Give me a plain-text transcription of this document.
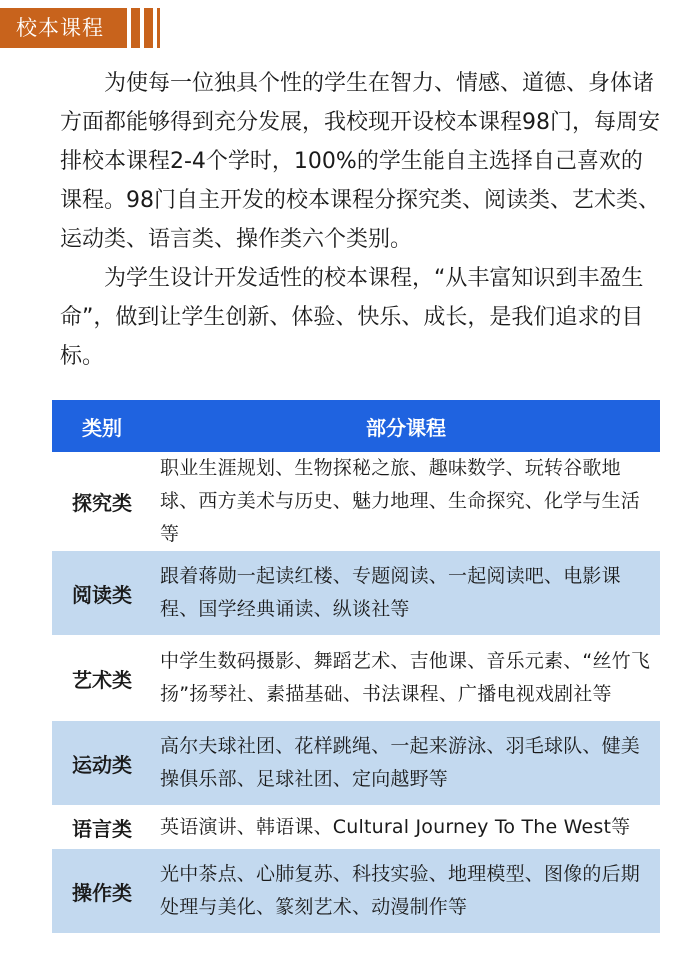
校本课程

为使每一位独具个性的学生在智力、情感、道德、身体诸方面都能够得到充分发展，我校现开设校本课程98门，每周安排校本课程2-4个学时，100%的学生能自主选择自己喜欢的课程。98门自主开发的校本课程分探究类、阅读类、艺术类、运动类、语言类、操作类六个类别。

为学生设计开发适性的校本课程，“从丰富知识到丰盈生命”，做到让学生创新、体验、快乐、成长，是我们追求的目标。

类别	部分课程
探究类	职业生涯规划、生物探秘之旅、趣味数学、玩转谷歌地球、西方美术与历史、魅力地理、生命探究、化学与生活等
阅读类	跟着蒋勋一起读红楼、专题阅读、一起阅读吧、电影课程、国学经典诵读、纵谈社等
艺术类	中学生数码摄影、舞蹈艺术、吉他课、音乐元素、“丝竹飞扬”扬琴社、素描基础、书法课程、广播电视戏剧社等
运动类	高尔夫球社团、花样跳绳、一起来游泳、羽毛球队、健美操俱乐部、足球社团、定向越野等
语言类	英语演讲、韩语课、Cultural Journey To The West等
操作类	光中茶点、心肺复苏、科技实验、地理模型、图像的后期处理与美化、篆刻艺术、动漫制作等
